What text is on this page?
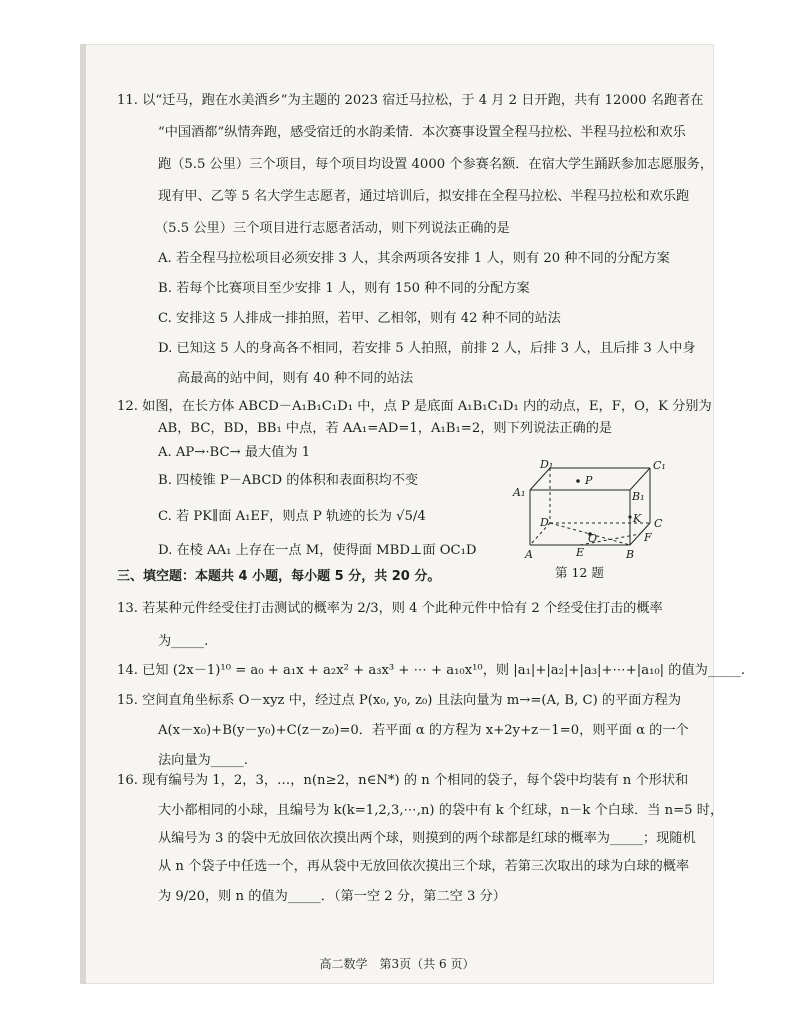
11. 以“迁马，跑在水美酒乡”为主题的 2023 宿迁马拉松，于 4 月 2 日开跑，共有 12000 名跑者在
“中国酒都”纵情奔跑，感受宿迁的水韵柔情．本次赛事设置全程马拉松、半程马拉松和欢乐
跑（5.5 公里）三个项目，每个项目均设置 4000 个参赛名额．在宿大学生踊跃参加志愿服务，
现有甲、乙等 5 名大学生志愿者，通过培训后，拟安排在全程马拉松、半程马拉松和欢乐跑
（5.5 公里）三个项目进行志愿者活动，则下列说法正确的是
A. 若全程马拉松项目必须安排 3 人，其余两项各安排 1 人，则有 20 种不同的分配方案
B. 若每个比赛项目至少安排 1 人，则有 150 种不同的分配方案
C. 安排这 5 人排成一排拍照，若甲、乙相邻，则有 42 种不同的站法
D. 已知这 5 人的身高各不相同，若安排 5 人拍照，前排 2 人，后排 3 人，且后排 3 人中身
高最高的站中间，则有 40 种不同的站法
12. 如图，在长方体 ABCD－A₁B₁C₁D₁ 中，点 P 是底面 A₁B₁C₁D₁ 内的动点，E，F，O，K 分别为
AB，BC，BD，BB₁ 中点，若 AA₁=AD=1，A₁B₁=2，则下列说法正确的是
A. AP→·BC→ 最大值为 1
B. 四棱锥 P－ABCD 的体积和表面积均不变
C. 若 PK∥面 A₁EF，则点 P 轨迹的长为 √5/4
D. 在棱 AA₁ 上存在一点 M，使得面 MBD⊥面 OC₁D
D₁	C₁
A₁	B₁
P
D	C
K
O	F
A	E	B
第 12 题
三、填空题：本题共 4 小题，每小题 5 分，共 20 分。
13. 若某种元件经受住打击测试的概率为 2/3，则 4 个此种元件中恰有 2 个经受住打击的概率
为_____.
14. 已知 (2x－1)¹⁰ = a₀ + a₁x + a₂x² + a₃x³ + ⋯ + a₁₀x¹⁰，则 |a₁|+|a₂|+|a₃|+⋯+|a₁₀| 的值为_____.
15. 空间直角坐标系 O－xyz 中，经过点 P(x₀, y₀, z₀) 且法向量为 m→=(A, B, C) 的平面方程为
A(x－x₀)+B(y－y₀)+C(z－z₀)=0．若平面 α 的方程为 x+2y+z－1=0，则平面 α 的一个
法向量为_____.
16. 现有编号为 1，2，3，…，n(n≥2，n∈N*) 的 n 个相同的袋子，每个袋中均装有 n 个形状和
大小都相同的小球，且编号为 k(k=1,2,3,⋯,n) 的袋中有 k 个红球，n－k 个白球．当 n=5 时，
从编号为 3 的袋中无放回依次摸出两个球，则摸到的两个球都是红球的概率为_____；现随机
从 n 个袋子中任选一个，再从袋中无放回依次摸出三个球，若第三次取出的球为白球的概率
为 9/20，则 n 的值为_____．（第一空 2 分，第二空 3 分）
高二数学　第3页（共 6 页）
